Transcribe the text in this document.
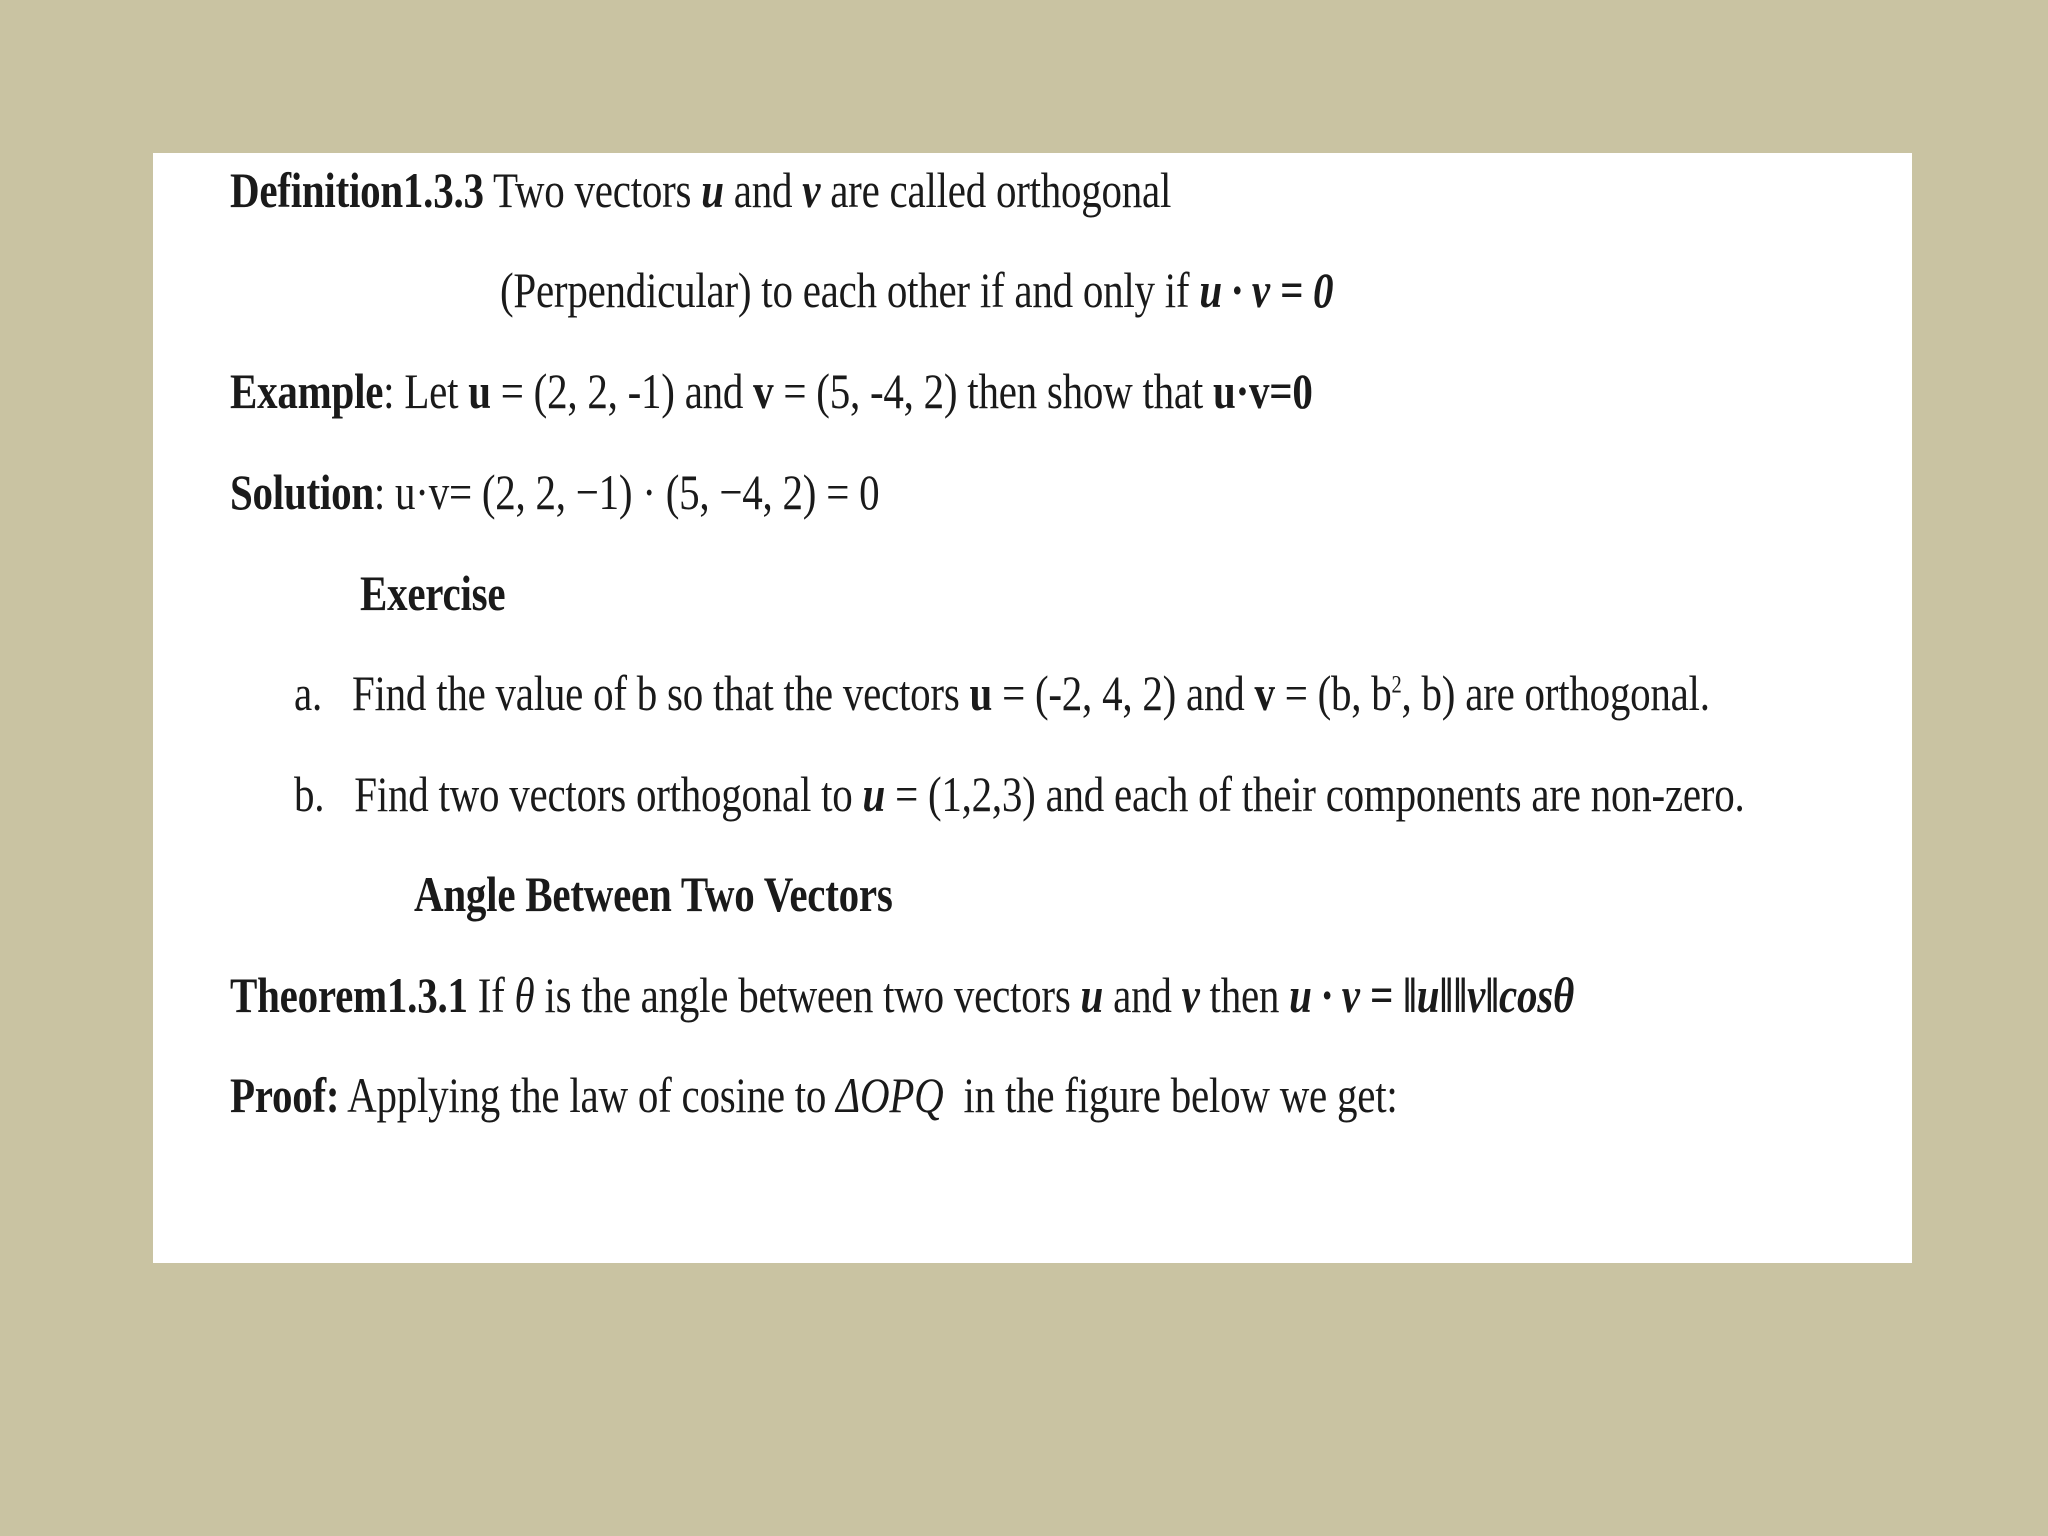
Definition1.3.3 Two vectors u and v are called orthogonal
(Perpendicular) to each other if and only if u · v = 0
Example: Let u = (2, 2, -1) and v = (5, -4, 2) then show that u·v=0
Solution: u·v= (2, 2, −1) · (5, −4, 2) = 0
Exercise
a. Find the value of b so that the vectors u = (-2, 4, 2) and v = (b, $b^2$, b) are orthogonal.
b. Find two vectors orthogonal to u = (1,2,3) and each of their components are non-zero.
Angle Between Two Vectors
Theorem1.3.1 If θ is the angle between two vectors u and v then u · v = ‖u‖‖v‖cosθ
Proof: Applying the law of cosine to ΔOPQ in the figure below we get:
